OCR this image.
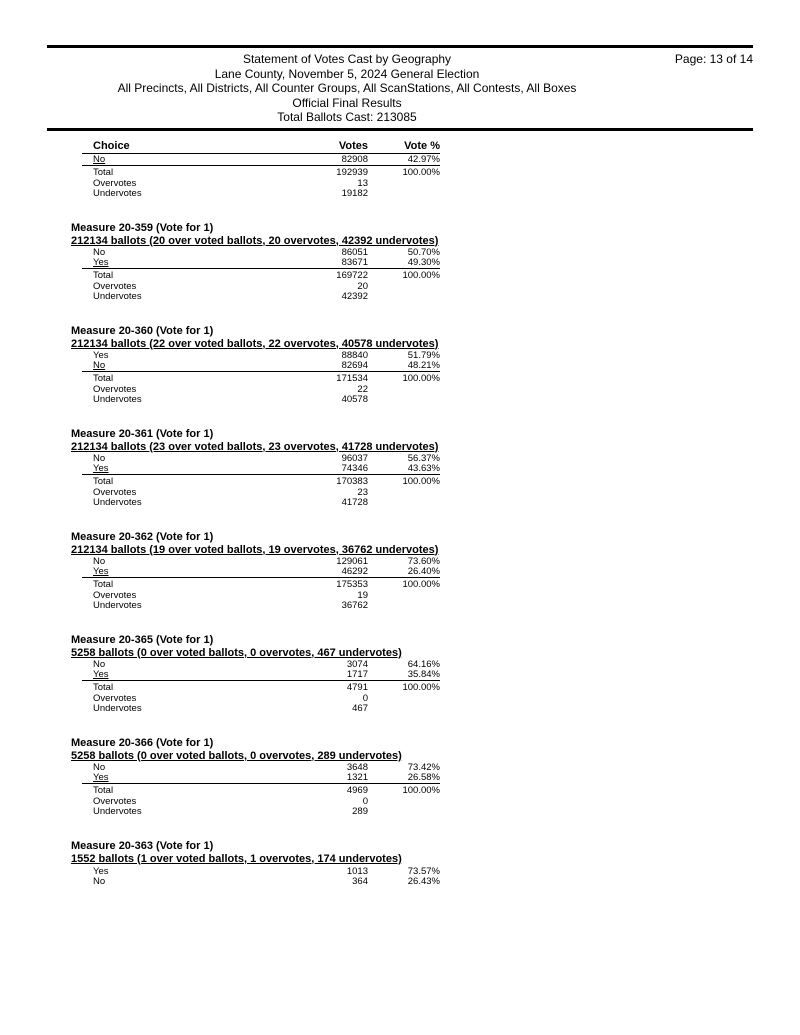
Statement of Votes Cast by Geography
Lane County, November 5, 2024 General Election
All Precincts, All Districts, All Counter Groups, All ScanStations, All Contests, All Boxes
Official Final Results
Total Ballots Cast: 213085
Page: 13 of 14
Choice	Votes	Vote %
No	82908	42.97%
Total	192939	100.00%
Overvotes	13
Undervotes	19182
Measure 20-359 (Vote for 1)
212134 ballots (20 over voted ballots, 20 overvotes, 42392 undervotes)
No	86051	50.70%
Yes	83671	49.30%
Total	169722	100.00%
Overvotes	20
Undervotes	42392
Measure 20-360 (Vote for 1)
212134 ballots (22 over voted ballots, 22 overvotes, 40578 undervotes)
Yes	88840	51.79%
No	82694	48.21%
Total	171534	100.00%
Overvotes	22
Undervotes	40578
Measure 20-361 (Vote for 1)
212134 ballots (23 over voted ballots, 23 overvotes, 41728 undervotes)
No	96037	56.37%
Yes	74346	43.63%
Total	170383	100.00%
Overvotes	23
Undervotes	41728
Measure 20-362 (Vote for 1)
212134 ballots (19 over voted ballots, 19 overvotes, 36762 undervotes)
No	129061	73.60%
Yes	46292	26.40%
Total	175353	100.00%
Overvotes	19
Undervotes	36762
Measure 20-365 (Vote for 1)
5258 ballots (0 over voted ballots, 0 overvotes, 467 undervotes)
No	3074	64.16%
Yes	1717	35.84%
Total	4791	100.00%
Overvotes	0
Undervotes	467
Measure 20-366 (Vote for 1)
5258 ballots (0 over voted ballots, 0 overvotes, 289 undervotes)
No	3648	73.42%
Yes	1321	26.58%
Total	4969	100.00%
Overvotes	0
Undervotes	289
Measure 20-363 (Vote for 1)
1552 ballots (1 over voted ballots, 1 overvotes, 174 undervotes)
Yes	1013	73.57%
No	364	26.43%
